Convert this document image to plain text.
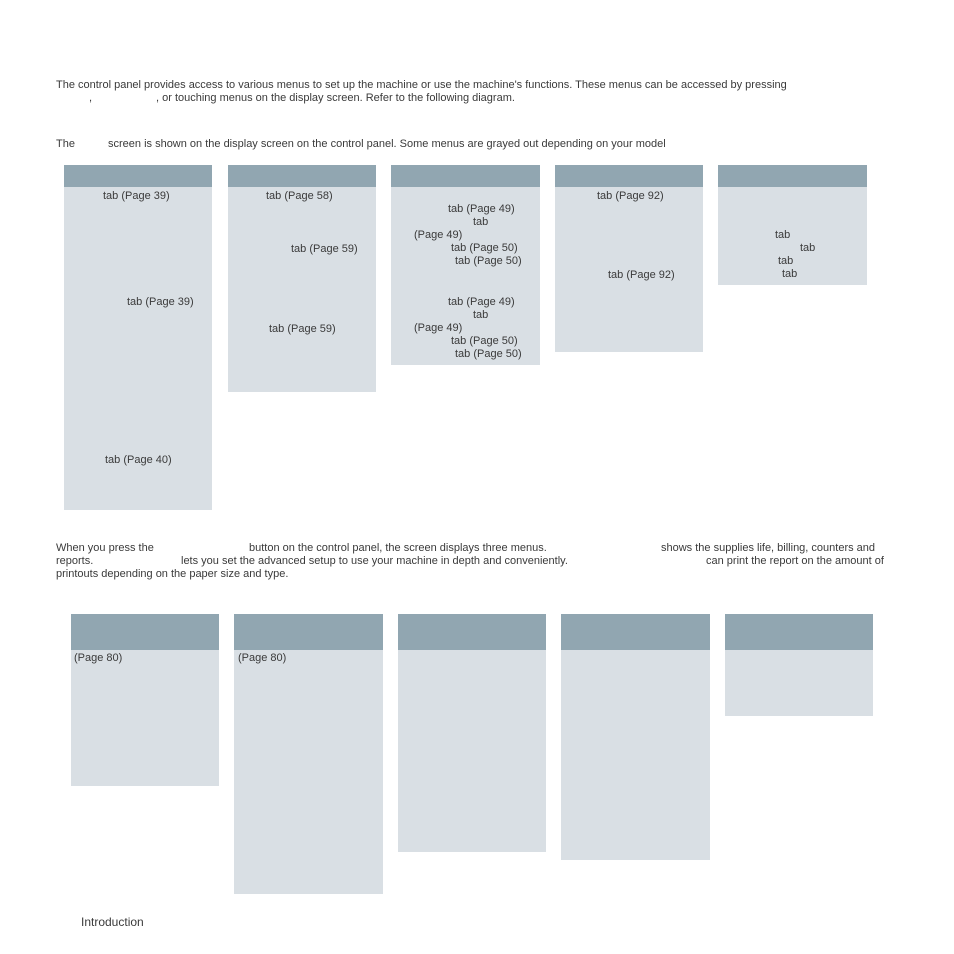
The control panel provides access to various menus to set up the machine or use the machine's functions. These menus can be accessed by pressing
,	, or touching menus on the display screen. Refer to the following diagram.
The	screen is shown on the display screen on the control panel. Some menus are grayed out depending on your model
tab (Page 39)
tab (Page 39)
tab (Page 40)
tab (Page 58)
tab (Page 59)
tab (Page 59)
tab (Page 49)
tab
(Page 49)
tab (Page 50)
tab (Page 50)
tab (Page 49)
tab
(Page 49)
tab (Page 50)
tab (Page 50)
tab (Page 92)
tab (Page 92)
tab
tab
tab
tab
When you press the	button on the control panel, the screen displays three menus.	shows the supplies life, billing, counters and
reports.	lets you set the advanced setup to use your machine in depth and conveniently.	can print the report on the amount of
printouts depending on the paper size and type.
(Page 80)	(Page 80)
Introduction
